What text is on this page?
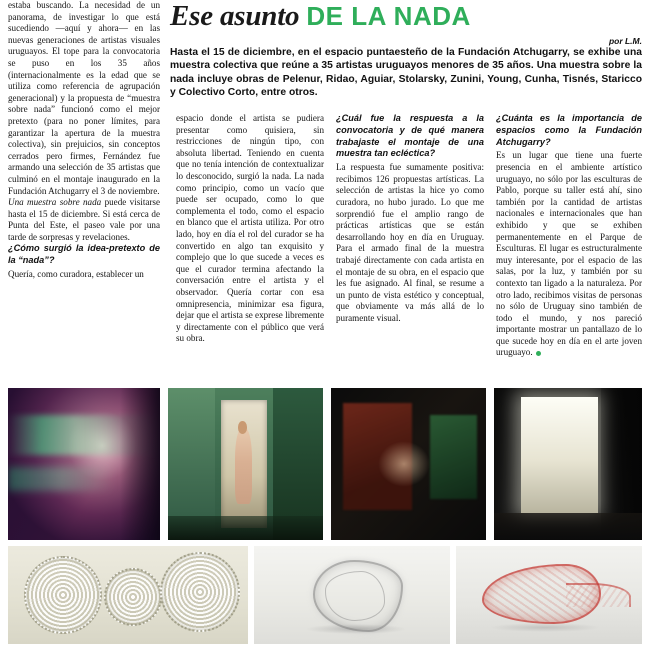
Ese asunto DE LA NADA
por L.M.
Hasta el 15 de diciembre, en el espacio puntaesteño de la Fundación Atchugarry, se exhibe una muestra colectiva que reúne a 35 artistas uruguayos menores de 35 años. Una muestra sobre la nada incluye obras de Pelenur, Ridao, Aguiar, Stolarsky, Zunini, Young, Cunha, Tisnés, Staricco y Colectivo Corto, entre otros.

estaba buscando. La necesidad de un panorama, de investigar lo que está sucediendo —aquí y ahora— en las nuevas generaciones de artistas visuales uruguayos. El tope para la convocatoria se puso en los 35 años (internacionalmente es la edad que se utiliza como referencia de agrupación generacional) y la propuesta de “muestra sobre nada” funcionó como el mejor pretexto (para no poner límites, para garantizar la apertura de la muestra colectiva), sin prejuicios, sin conceptos cerrados pero firmes, Fernández fue armando una selección de 35 artistas que culminó en el montaje inaugurado en la Fundación Atchugarry el 3 de noviembre.

Una muestra sobre nada puede visitarse hasta el 15 de diciembre. Si está cerca de Punta del Este, el paseo vale por una tarde de sorpresas y revelaciones.

¿Cómo surgió la idea-pretexto de la “nada”?

Quería, como curadora, establecer un

espacio donde el artista se pudiera presentar como quisiera, sin restricciones de ningún tipo, con absoluta libertad. Teniendo en cuenta que no tenía intención de contextualizar lo desconocido, surgió la nada. La nada como principio, como un vacío que puede ser ocupado, como lo que complementa el todo, como el espacio en blanco que el artista utiliza. Por otro lado, hoy en día el rol del curador se ha convertido en algo tan exquisito y complejo que lo que sucede a veces es que el curador termina afectando la conversación entre el artista y el observador. Quería cortar con esa omnipresencia, minimizar esa figura, dejar que el artista se exprese libremente y directamente con el público que verá su obra.

¿Cuál fue la respuesta a la convocatoria y de qué manera trabajaste el montaje de una muestra tan ecléctica?

La respuesta fue sumamente positiva: recibimos 126 propuestas artísticas. La selección de artistas la hice yo como curadora, no hubo jurado. Lo que me sorprendió fue el amplio rango de prácticas artísticas que se están desarrollando hoy en día en Uruguay. Para el armado final de la muestra trabajé directamente con cada artista en el montaje de su obra, en el espacio que les fue asignado. Al final, se resume a un punto de vista estético y conceptual, que obviamente va más allá de lo puramente visual.

¿Cuánta es la importancia de espacios como la Fundación Atchugarry?

Es un lugar que tiene una fuerte presencia en el ambiente artístico uruguayo, no sólo por las esculturas de Pablo, porque su taller está ahí, sino también por la cantidad de artistas nacionales e internacionales que han exhibido y que se exhiben permanentemente en el Parque de Esculturas. El lugar es estructuralmente muy interesante, por el espacio de las salas, por la luz, y también por su contexto tan ligado a la naturaleza. Por otro lado, recibimos visitas de personas no sólo de Uruguay sino también de todo el mundo, y nos pareció importante mostrar un pantallazo de lo que sucede hoy en día en el arte joven uruguayo.
